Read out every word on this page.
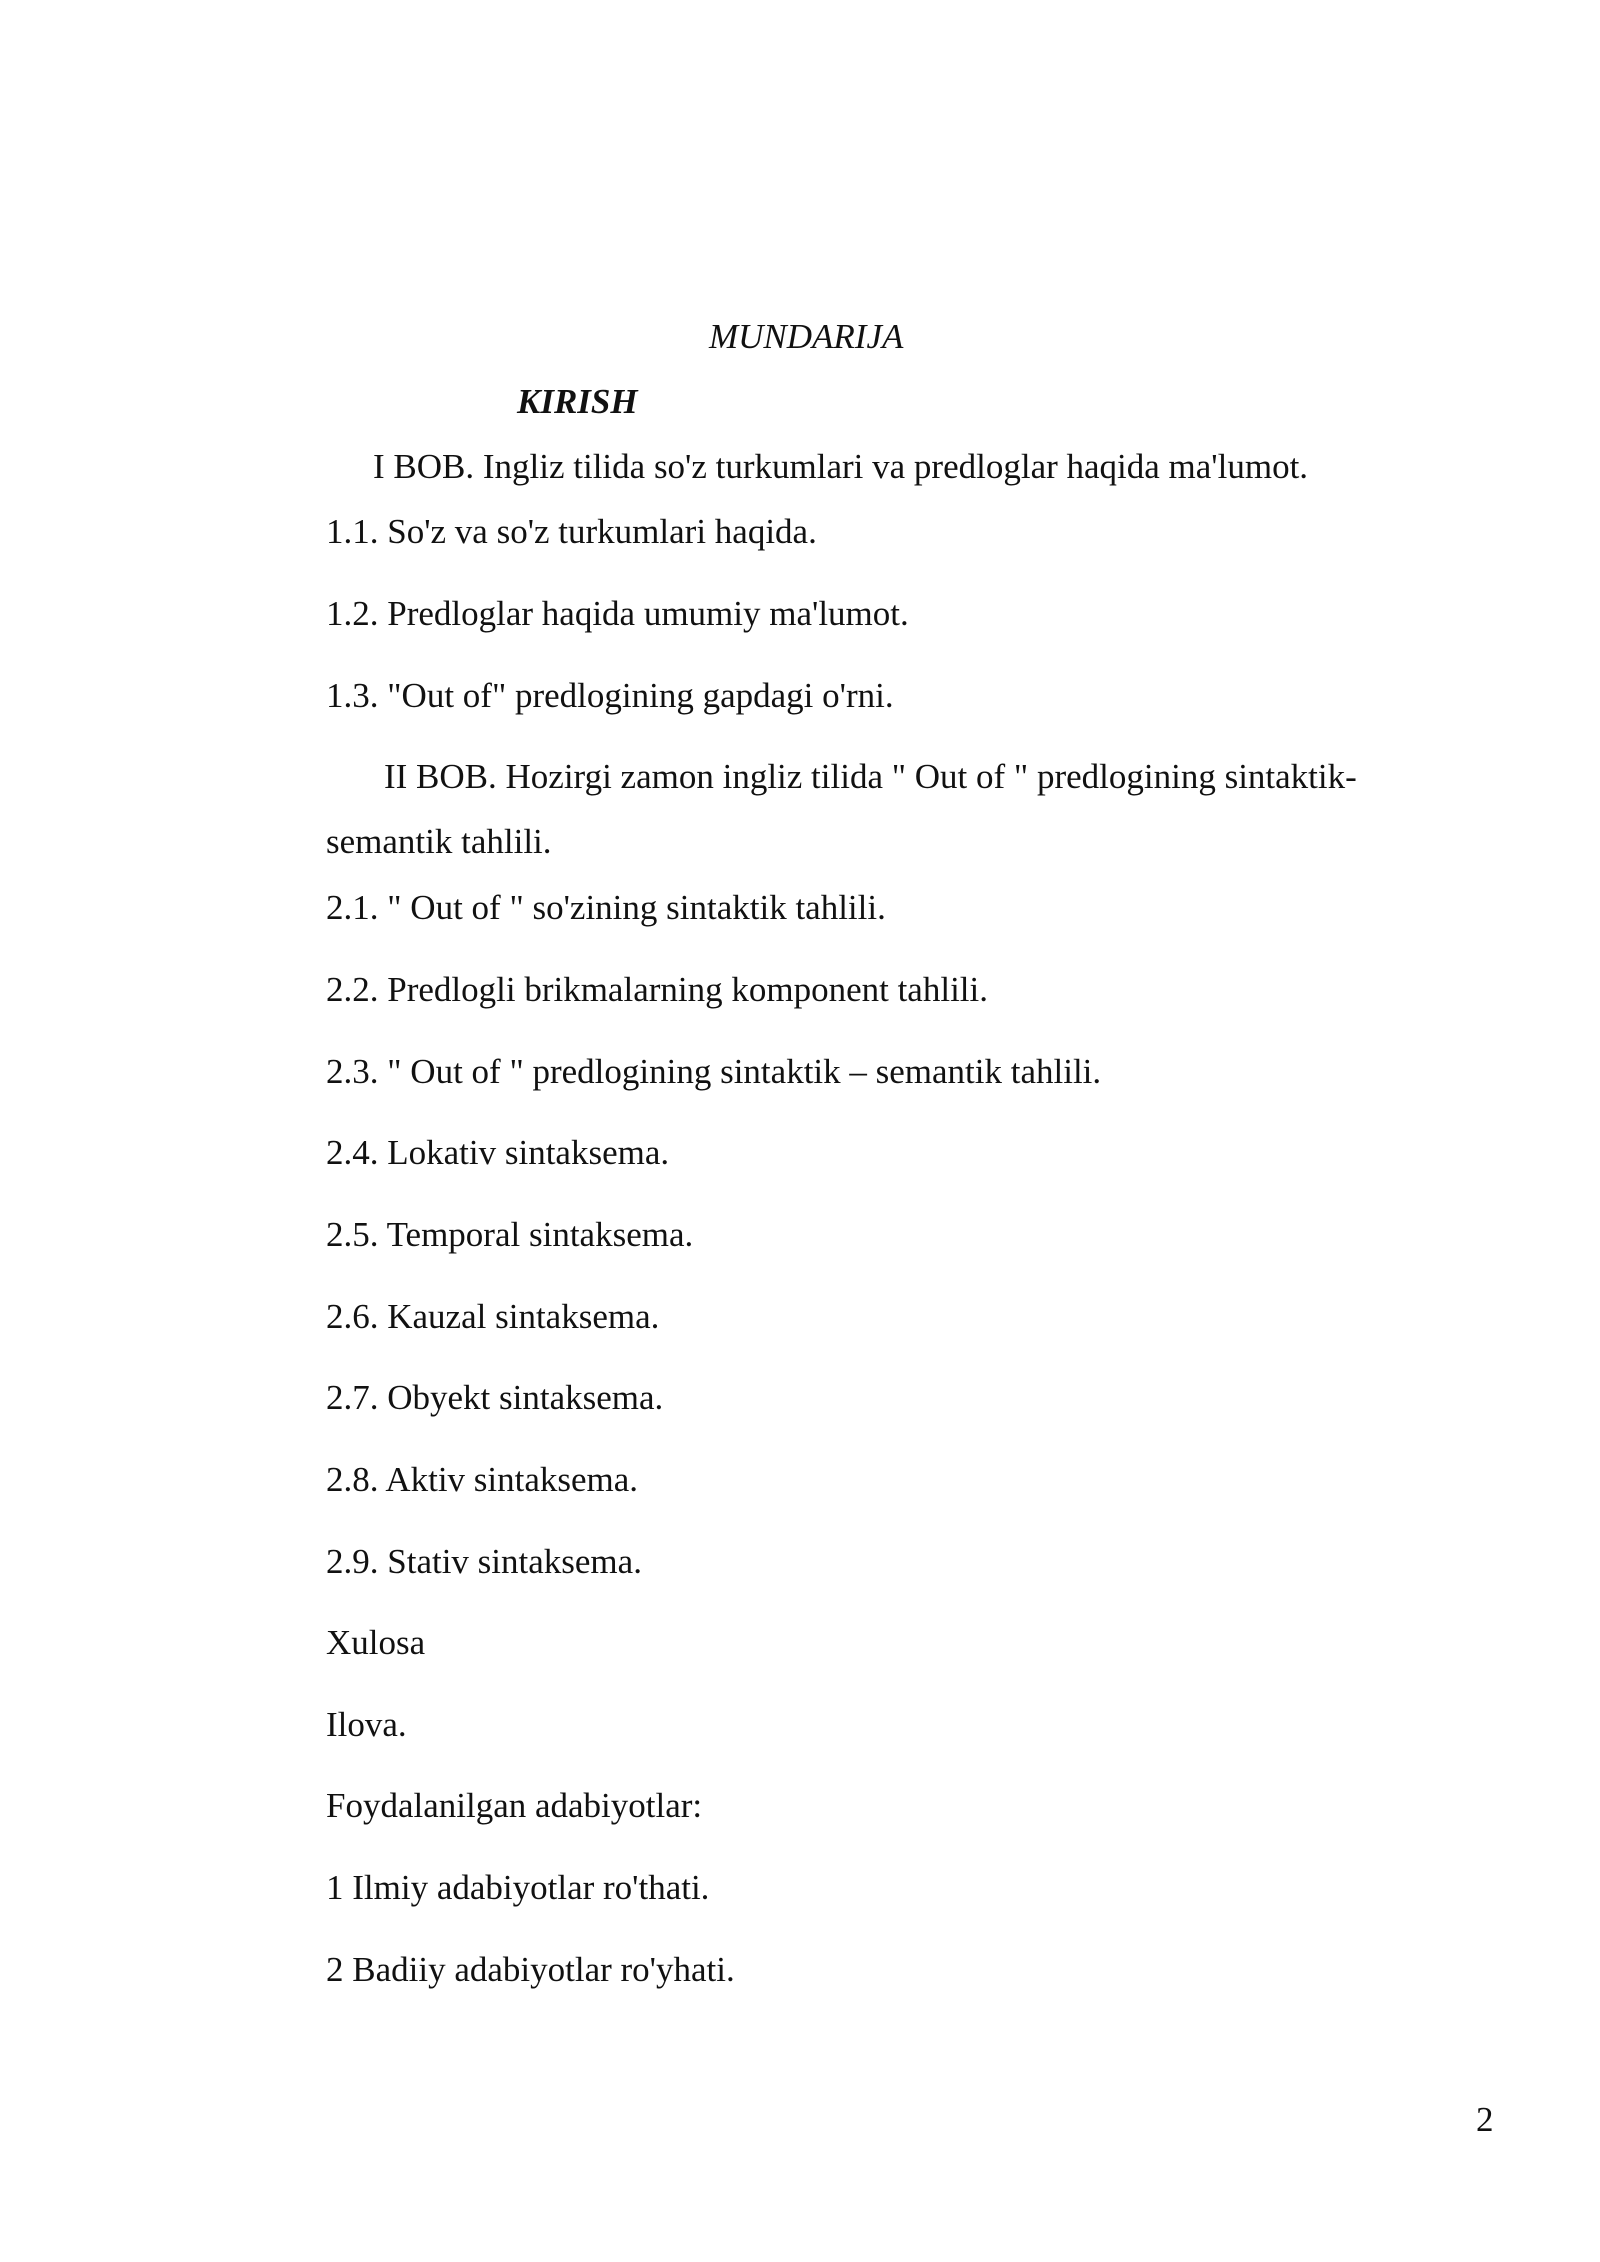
MUNDARIJA
KIRISH
I BOB. Ingliz tilida so'z turkumlari va predloglar haqida ma'lumot.
1.1. So'z va so'z turkumlari haqida.
1.2. Predloglar haqida umumiy ma'lumot.
1.3. "Out of" predlogining gapdagi o'rni.
II BOB. Hozirgi zamon ingliz tilida " Out of " predlogining sintaktik-
semantik tahlili.
2.1. " Out of " so'zining sintaktik tahlili.
2.2. Predlogli brikmalarning komponent tahlili.
2.3. " Out of " predlogining sintaktik – semantik tahlili.
2.4. Lokativ sintaksema.
2.5. Temporal sintaksema.
2.6. Kauzal sintaksema.
2.7. Obyekt sintaksema.
2.8. Aktiv sintaksema.
2.9. Stativ sintaksema.
Xulosa
Ilova.
Foydalanilgan adabiyotlar:
1 Ilmiy adabiyotlar ro'thati.
2 Badiiy adabiyotlar ro'yhati.
2
